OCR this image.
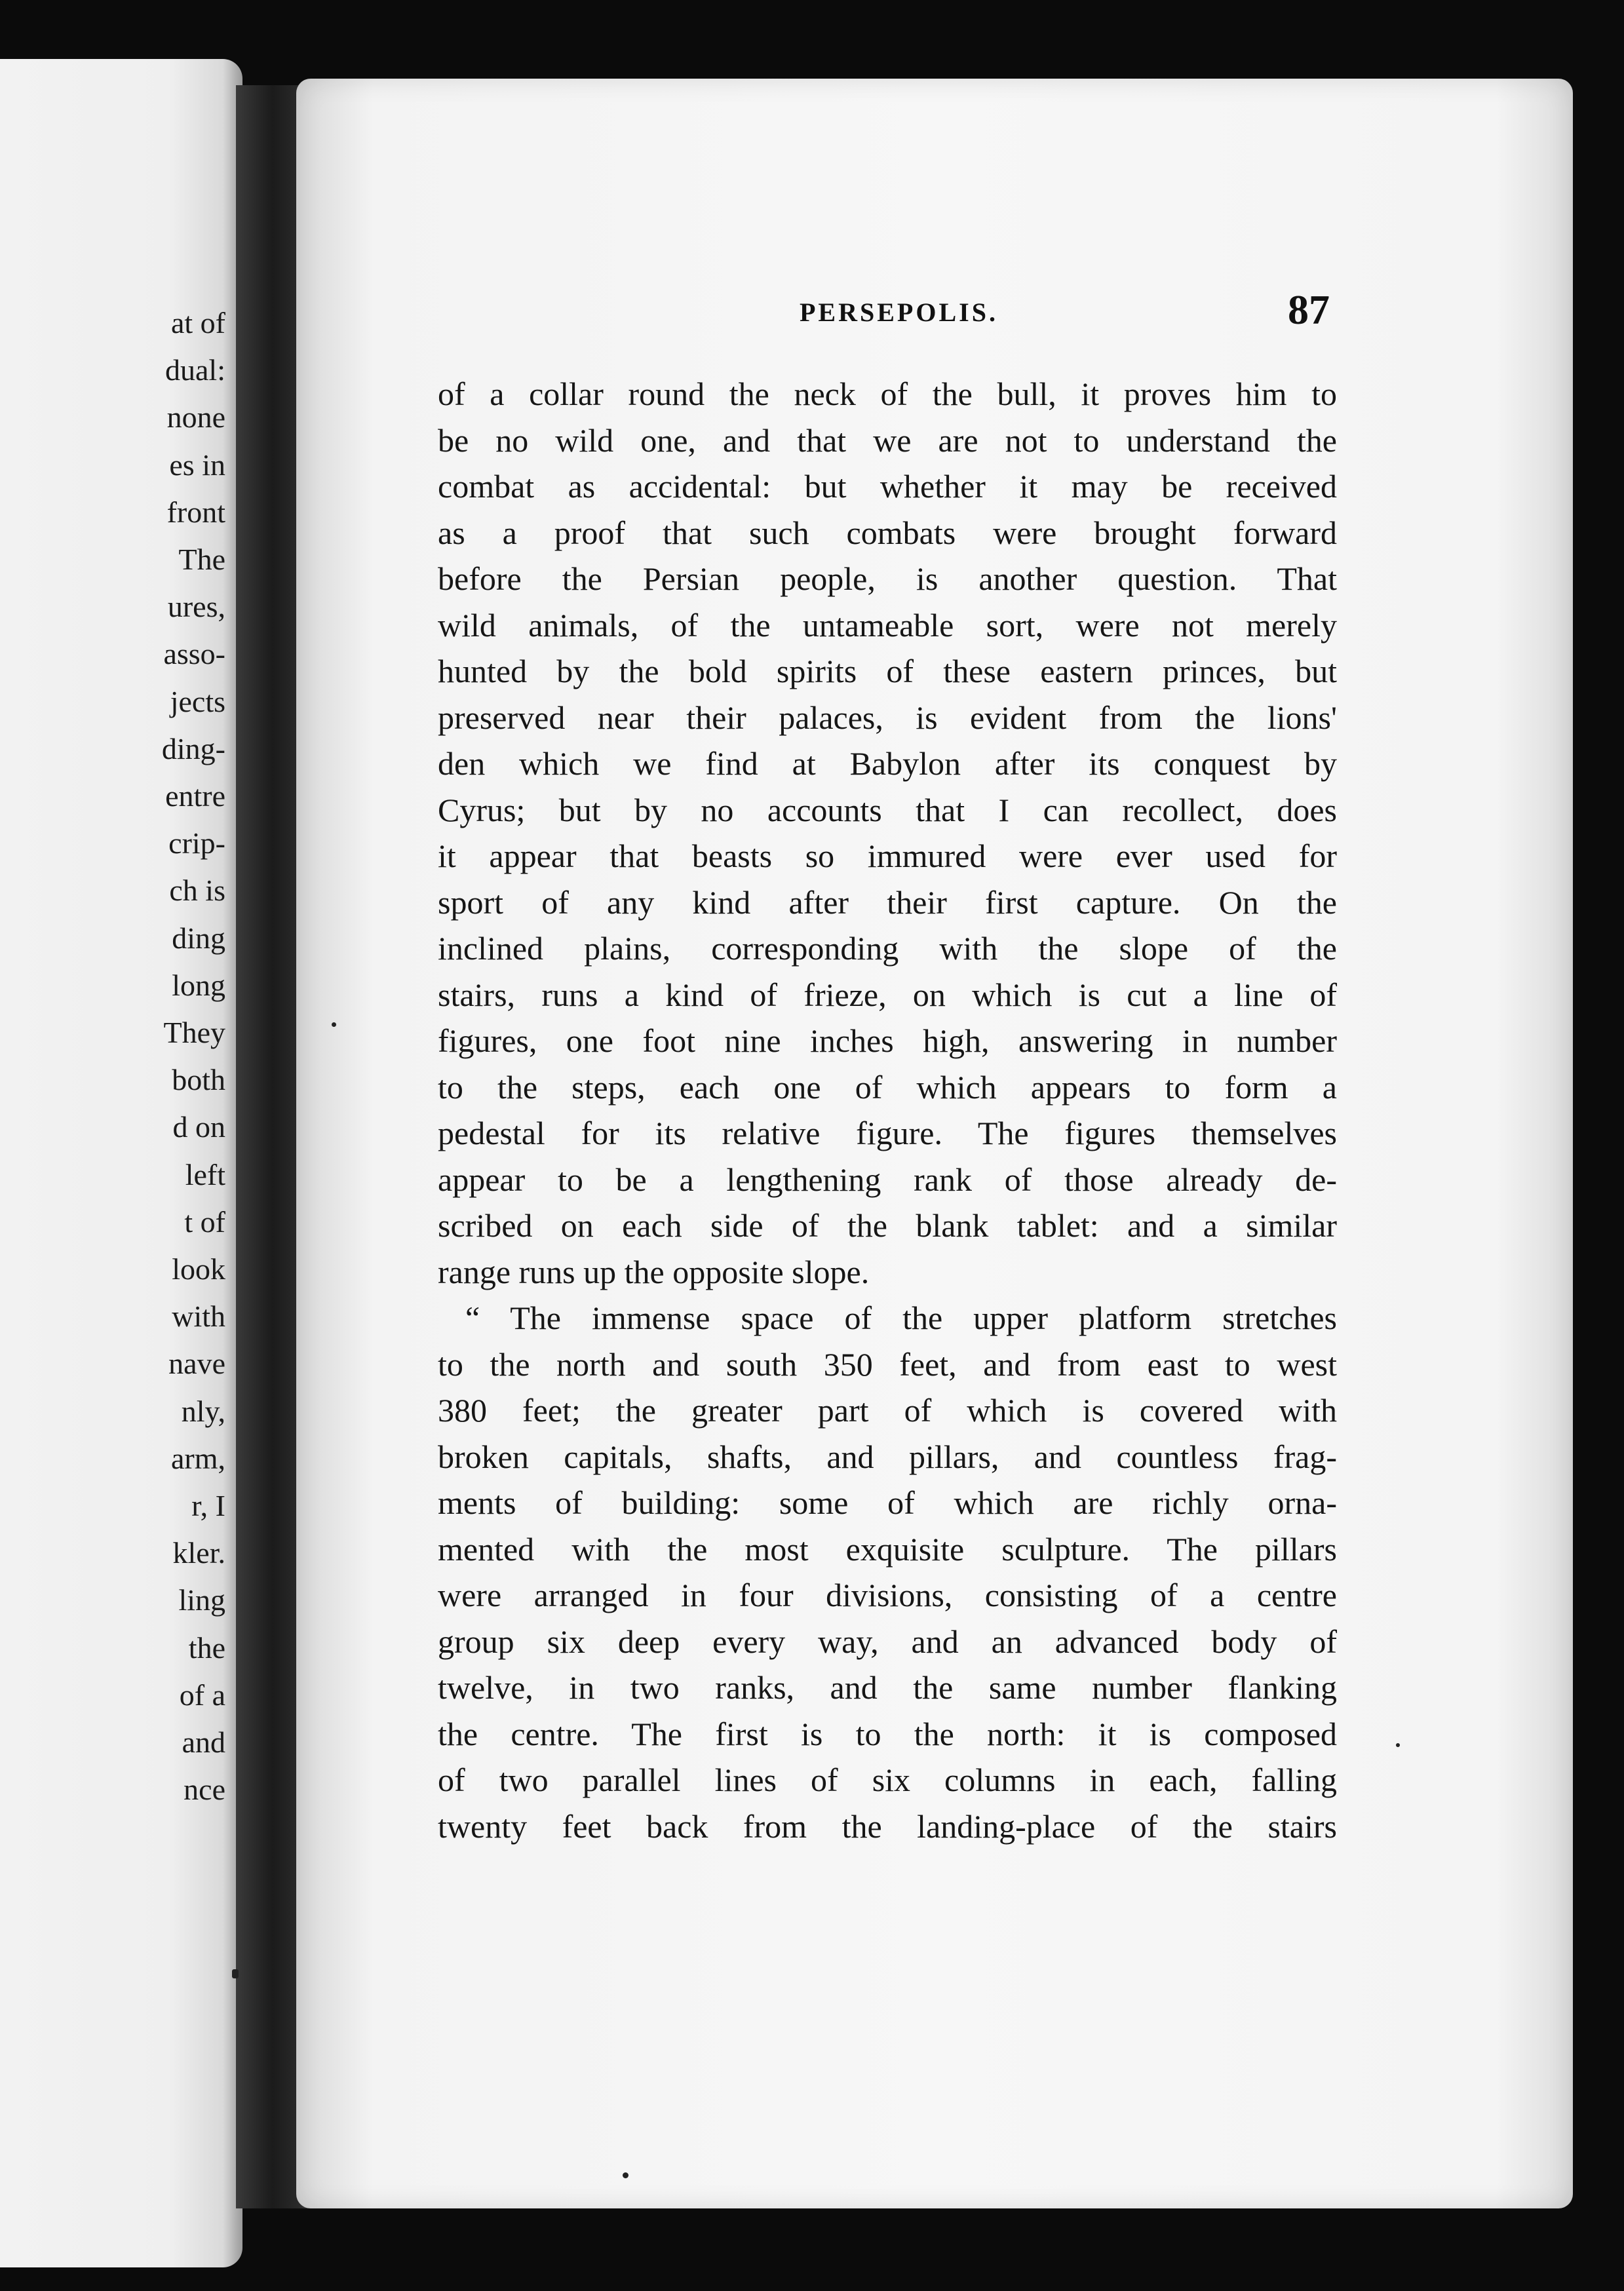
at of
dual:
none
es in
front
The
ures,
asso-
jects
ding-
entre
crip-
ch is
ding
long
They
both
d on
left
t of
look
with
nave
nly,
arm,
r, I
kler.
ling
the
of a
and
nce
PERSEPOLIS.	87
of a collar round the neck of the bull, it proves him to
be no wild one, and that we are not to understand the
combat as accidental: but whether it may be received
as a proof that such combats were brought forward
before the Persian people, is another question. That
wild animals, of the untameable sort, were not merely
hunted by the bold spirits of these eastern princes, but
preserved near their palaces, is evident from the lions'
den which we find at Babylon after its conquest by
Cyrus; but by no accounts that I can recollect, does
it appear that beasts so immured were ever used for
sport of any kind after their first capture. On the
inclined plains, corresponding with the slope of the
stairs, runs a kind of frieze, on which is cut a line of
figures, one foot nine inches high, answering in number
to the steps, each one of which appears to form a
pedestal for its relative figure. The figures themselves
appear to be a lengthening rank of those already de-
scribed on each side of the blank tablet: and a similar
range runs up the opposite slope.
“ The immense space of the upper platform stretches
to the north and south 350 feet, and from east to west
380 feet; the greater part of which is covered with
broken capitals, shafts, and pillars, and countless frag-
ments of building: some of which are richly orna-
mented with the most exquisite sculpture. The pillars
were arranged in four divisions, consisting of a centre
group six deep every way, and an advanced body of
twelve, in two ranks, and the same number flanking
the centre. The first is to the north: it is composed
of two parallel lines of six columns in each, falling
twenty feet back from the landing-place of the stairs
